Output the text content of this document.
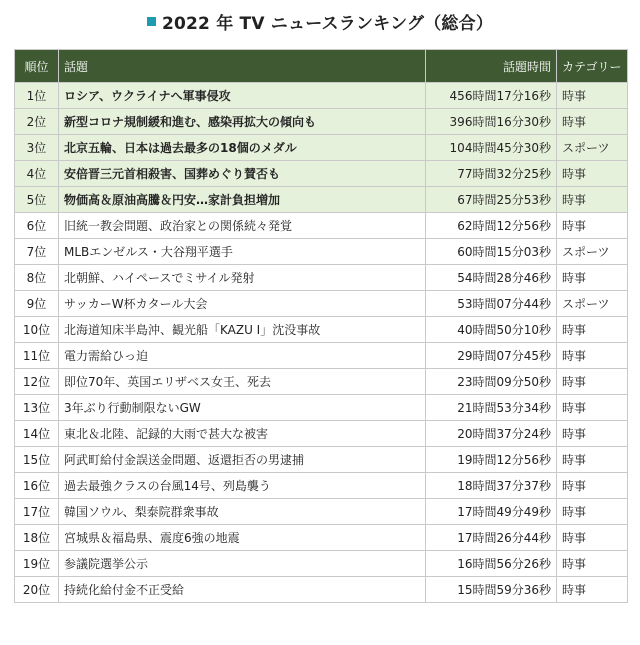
2022 年 TV ニュースランキング（総合）
順位	話題	話題時間	カテゴリー
1位	ロシア、ウクライナへ軍事侵攻	456時間17分16秒	時事
2位	新型コロナ規制緩和進む、感染再拡大の傾向も	396時間16分30秒	時事
3位	北京五輪、日本は過去最多の18個のメダル	104時間45分30秒	スポーツ
4位	安倍晋三元首相殺害、国葬めぐり賛否も	77時間32分25秒	時事
5位	物価高＆原油高騰＆円安…家計負担増加	67時間25分53秒	時事
6位	旧統一教会問題、政治家との関係続々発覚	62時間12分56秒	時事
7位	MLBエンゼルス・大谷翔平選手	60時間15分03秒	スポーツ
8位	北朝鮮、ハイペースでミサイル発射	54時間28分46秒	時事
9位	サッカーW杯カタール大会	53時間07分44秒	スポーツ
10位	北海道知床半島沖、観光船「KAZU I」沈没事故	40時間50分10秒	時事
11位	電力需給ひっ迫	29時間07分45秒	時事
12位	即位70年、英国エリザベス女王、死去	23時間09分50秒	時事
13位	3年ぶり行動制限ないGW	21時間53分34秒	時事
14位	東北＆北陸、記録的大雨で甚大な被害	20時間37分24秒	時事
15位	阿武町給付金誤送金問題、返還拒否の男逮捕	19時間12分56秒	時事
16位	過去最強クラスの台風14号、列島襲う	18時間37分37秒	時事
17位	韓国ソウル、梨泰院群衆事故	17時間49分49秒	時事
18位	宮城県＆福島県、震度6強の地震	17時間26分44秒	時事
19位	参議院選挙公示	16時間56分26秒	時事
20位	持続化給付金不正受給	15時間59分36秒	時事
